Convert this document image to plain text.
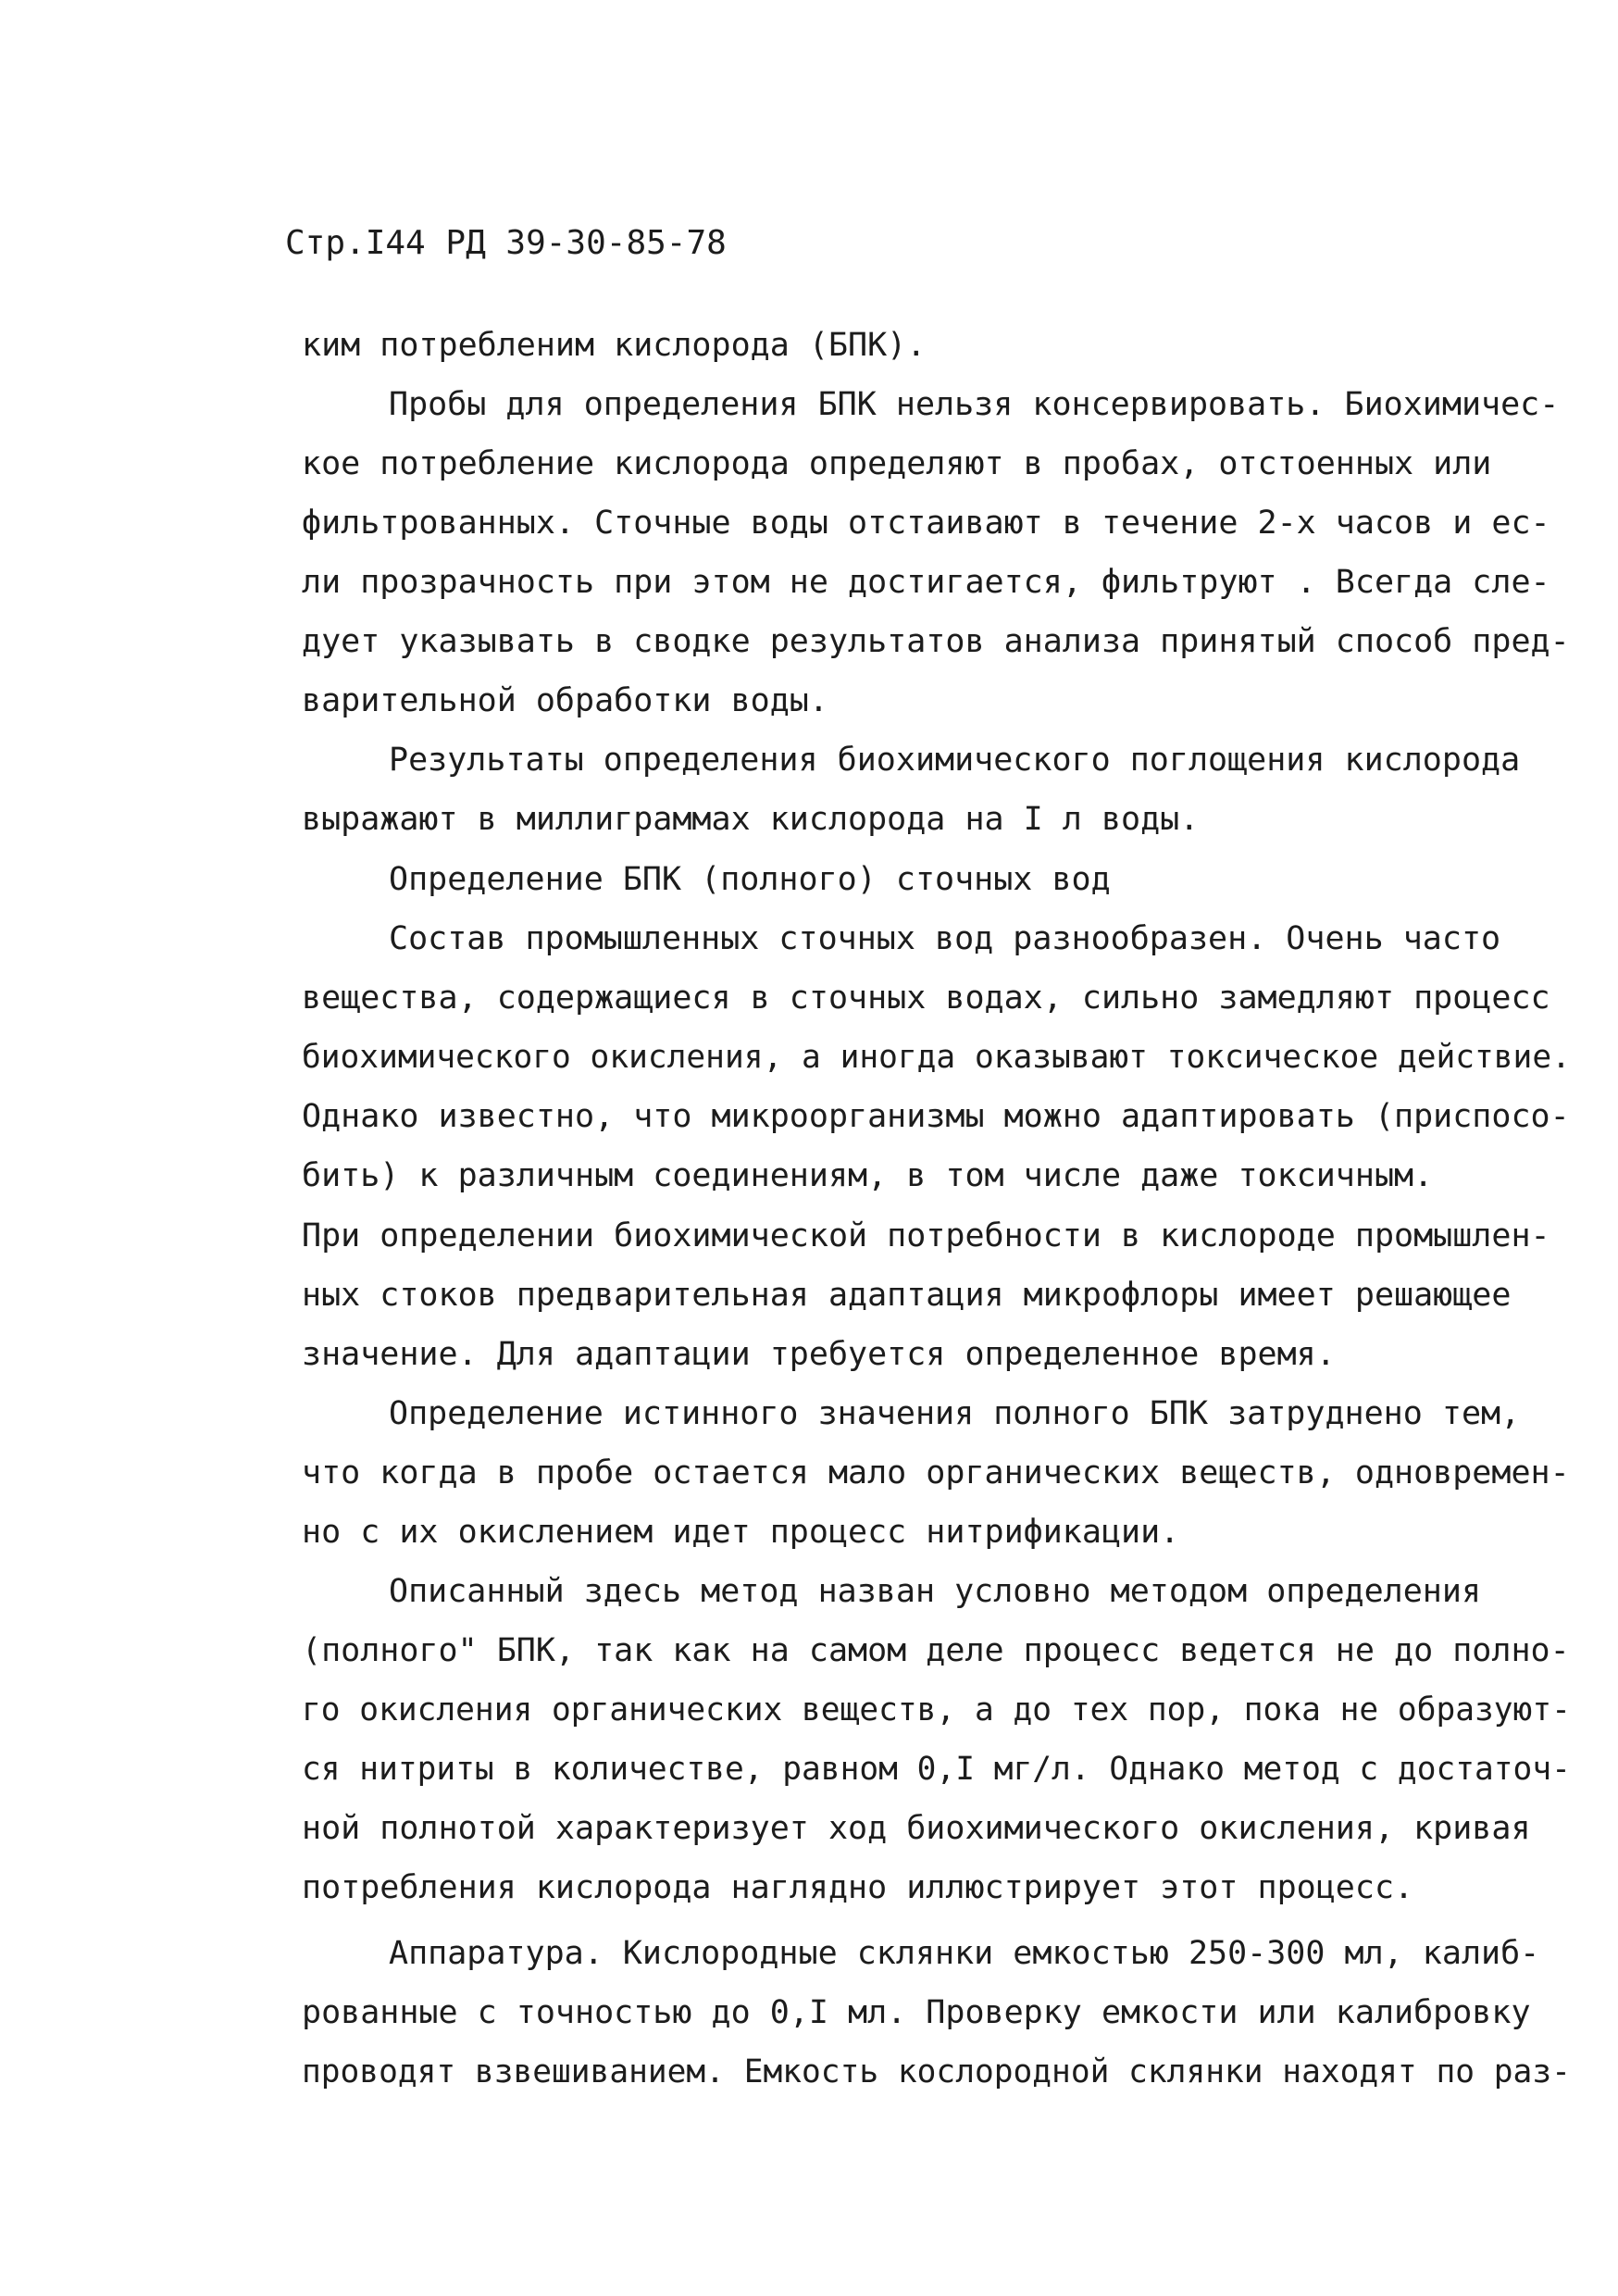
Стр.I44 РД 39-30-85-78
ким потребленим кислорода (БПК).
Пробы для определения БПК нельзя консервировать. Биохимичес-
кое потребление кислорода определяют в пробах, отстоенных или
фильтрованных. Сточные воды отстаивают в течение 2-х часов и ес-
ли прозрачность при этом не достигается, фильтруют . Всегда сле-
дует указывать в сводке результатов анализа принятый способ пред-
варительной обработки воды.
Результаты определения биохимического поглощения кислорода
выражают в миллиграммах кислорода на I л воды.
Определение БПК (полного) сточных вод
Состав промышленных сточных вод разнообразен. Очень часто
вещества, содержащиеся в сточных водах, сильно замедляют процесс
биохимического окисления, а иногда оказывают токсическое действие.
Однако известно, что микроорганизмы можно адаптировать (приспосо-
бить) к различным соединениям, в том числе даже токсичным.
При определении биохимической потребности в кислороде промышлен-
ных стоков предварительная адаптация микрофлоры имеет решающее
значение. Для адаптации требуется определенное время.
Определение истинного значения полного БПК затруднено тем,
что когда в пробе остается мало органических веществ, одновремен-
но с их окислением идет процесс нитрификации.
Описанный здесь метод назван условно методом определения
(полного" БПК, так как на самом деле процесс ведется не до полно-
го окисления органических веществ, а до тех пор, пока не образуют-
ся нитриты в количестве, равном 0,I мг/л. Однако метод с достаточ-
ной полнотой характеризует ход биохимического окисления, кривая
потребления кислорода наглядно иллюстрирует этот процесс.
Аппаратура. Кислородные склянки емкостью 250-300 мл, калиб-
рованные с точностью до 0,I мл. Проверку емкости или калибровку
проводят взвешиванием. Емкость кослородной склянки находят по раз-
